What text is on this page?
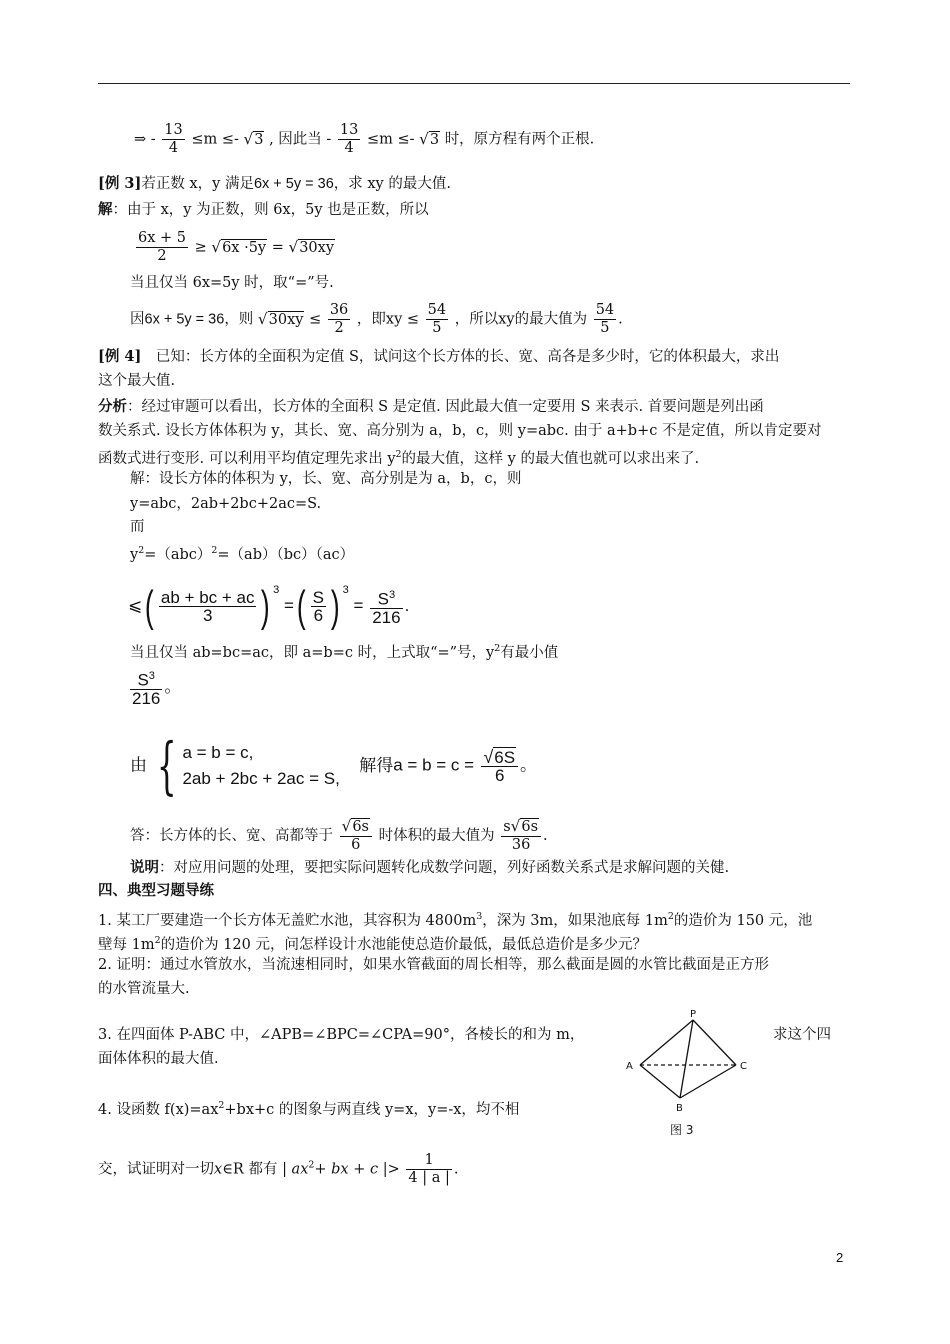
⇒ - $\frac{13}{4} \le m \le- √3$ , 因此当 - $\frac{13}{4} \le m \le- √3$ 时，原方程有两个正根.
[例 3]若正数 x，y 满足6x + 5y = 36，求 xy 的最大值.
解：由于 x，y 为正数，则 6x，5y 也是正数，所以
$\frac{6x + 5}{2} \ge √6x \cdot 5y = √30xy$
当且仅当 6x=5y 时，取“=”号.
因6x + 5y = 36，则 $√30xy \le \frac{36}{2}$ ，即xy ≤ $\frac{54}{5}$ ，所以xy的最大值为 $\frac{54}{5}$ .
[例 4]　已知：长方体的全面积为定值 S，试问这个长方体的长、宽、高各是多少时，它的体积最大，求出
这个最大值.
分析：经过审题可以看出，长方体的全面积 S 是定值. 因此最大值一定要用 S 来表示. 首要问题是列出函
数关系式. 设长方体体积为 y，其长、宽、高分别为 a，b，c，则 y=abc. 由于 a+b+c 不是定值，所以肯定要对
函数式进行变形. 可以利用平均值定理先求出 $y^2$的最大值，这样 y 的最大值也就可以求出来了.
解：设长方体的体积为 y，长、宽、高分别是为 a，b，c，则
y=abc，2ab+2bc+2ac=S.
而
$y^2=(abc)^2=(ab)(bc)(ac)$
⩽( $\frac{ab + bc + ac}{3}$ ) $^3$ =( $\frac{S}{6}$ ) $^3 = \frac{S^3}{216}$ .
当且仅当 ab=bc=ac，即 a=b=c 时，上式取“=”号，$y^2$有最小值
$\frac{S^3}{216}$ 。
由 { a = b = c,
2ab + 2bc + 2ac = S,
解得$a = b = c = \frac{√6S}{6}$ 。
答：长方体的长、宽、高都等于 $\frac{√6s}{6}$ 时体积的最大值为 $\frac{s√6s}{36}$ .
说明：对应用问题的处理，要把实际问题转化成数学问题，列好函数关系式是求解问题的关健.
四、典型习题导练
1. 某工厂要建造一个长方体无盖贮水池，其容积为 $4800m^3$，深为 3m，如果池底每 $1m^2$的造价为 150 元，池
壁每 $1m^2$的造价为 120 元，问怎样设计水池能使总造价最低，最低总造价是多少元？
2. 证明：通过水管放水，当流速相同时，如果水管截面的周长相等，那么截面是圆的水管比截面是正方形
的水管流量大.
3. 在四面体 P-ABC 中，∠APB=∠BPC=∠CPA=90°，各棱长的和为 m，	求这个四
面体体积的最大值.
4. 设函数 $f(x)=ax^2+bx+c$ 的图象与两直线 y=x，y=-x，均不相
交，试证明对一切x∈R 都有 | $ax^2+$ bx + c |> $\frac{1}{4 | a |}$ .
P
A
B
C
图 3
2
